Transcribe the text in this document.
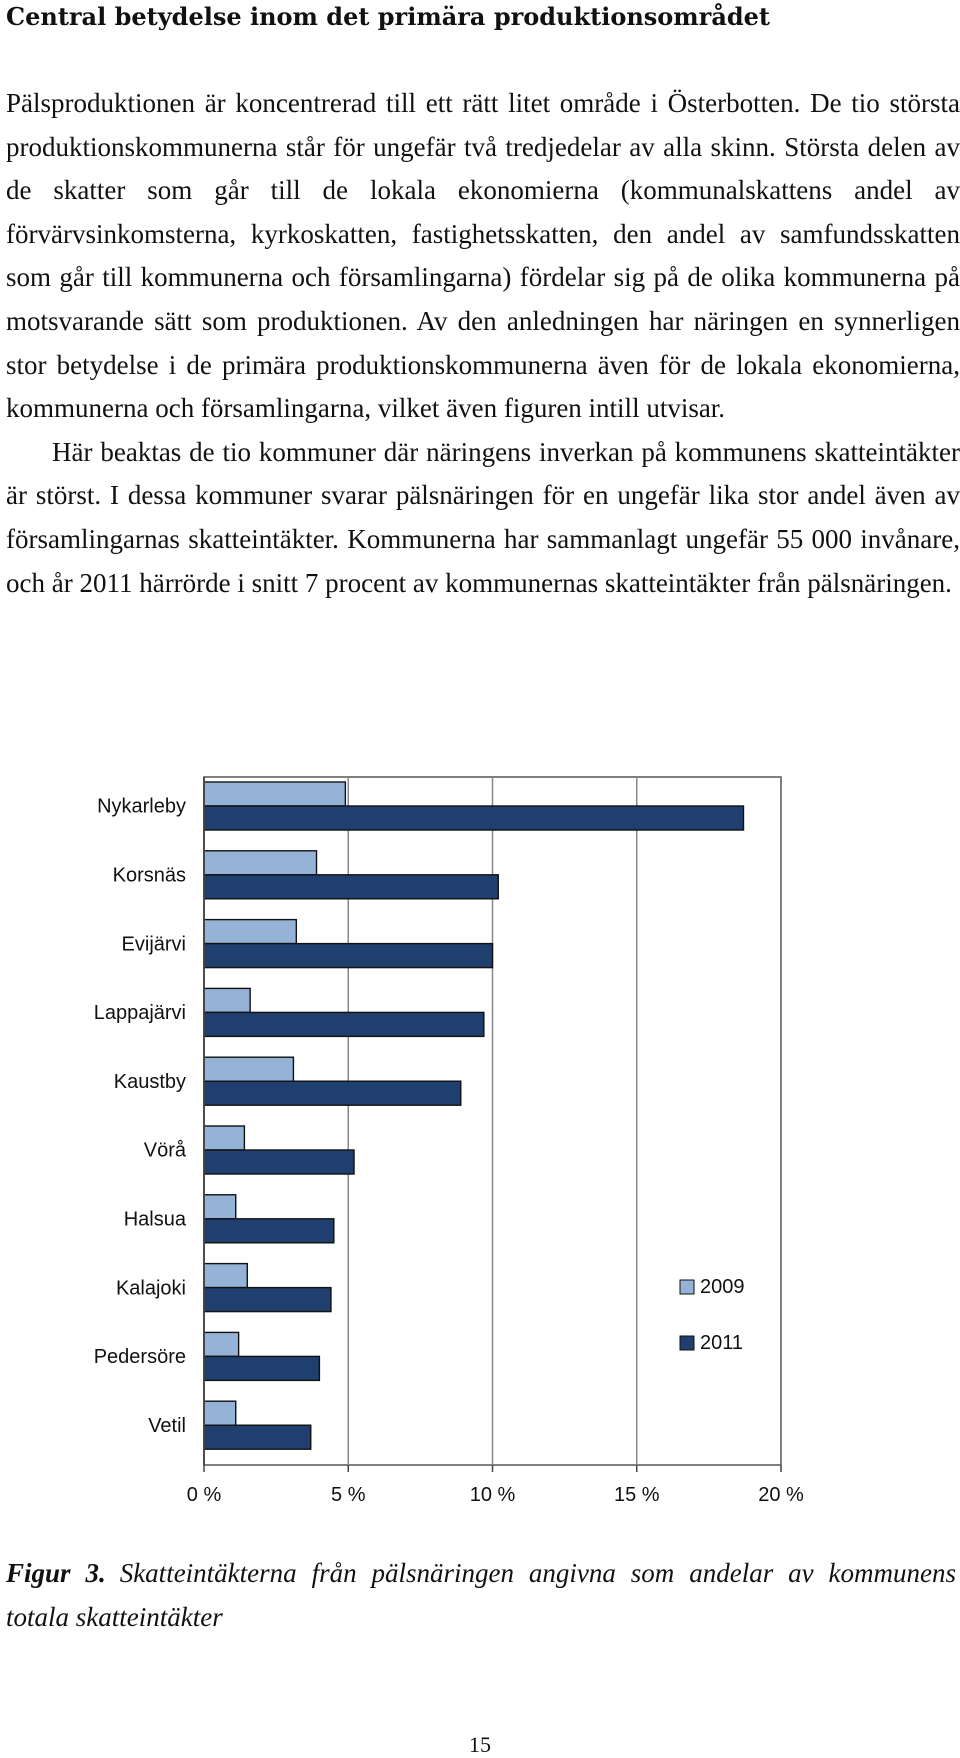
Central betydelse inom det primära produktionsområdet

Pälsproduktionen är koncentrerad till ett rätt litet område i Österbotten. De tio största produktionskommunerna står för ungefär två tredjedelar av alla skinn. Största delen av de skatter som går till de lokala ekonomierna (kommunalskattens andel av förvärvsinkomsterna, kyrkoskatten, fastighetsskatten, den andel av samfundsskatten som går till kommunerna och församlingarna) fördelar sig på de olika kommunerna på motsvarande sätt som produktionen. Av den anledningen har näringen en synnerligen stor betydelse i de primära produktionskommunerna även för de lokala ekonomierna, kommunerna och församlingarna, vilket även figuren intill utvisar.

Här beaktas de tio kommuner där näringens inverkan på kommunens skatteintäkter är störst. I dessa kommuner svarar pälsnäringen för en ungefär lika stor andel även av församlingarnas skatteintäkter. Kommunerna har sammanlagt ungefär 55 000 invånare, och år 2011 härrörde i snitt 7 procent av kommunernas skatteintäkter från pälsnäringen.

Nykarleby
Korsnäs
Evijärvi
Lappajärvi
Kaustby
Vörå
Halsua
Kalajoki
Pedersöre
Vetil
0 %	5 %	10 %	15 %	20 %
2009
2011
Figur 3. Skatteintäkterna från pälsnäringen angivna som andelar av kommunens totala skatteintäkter
15
